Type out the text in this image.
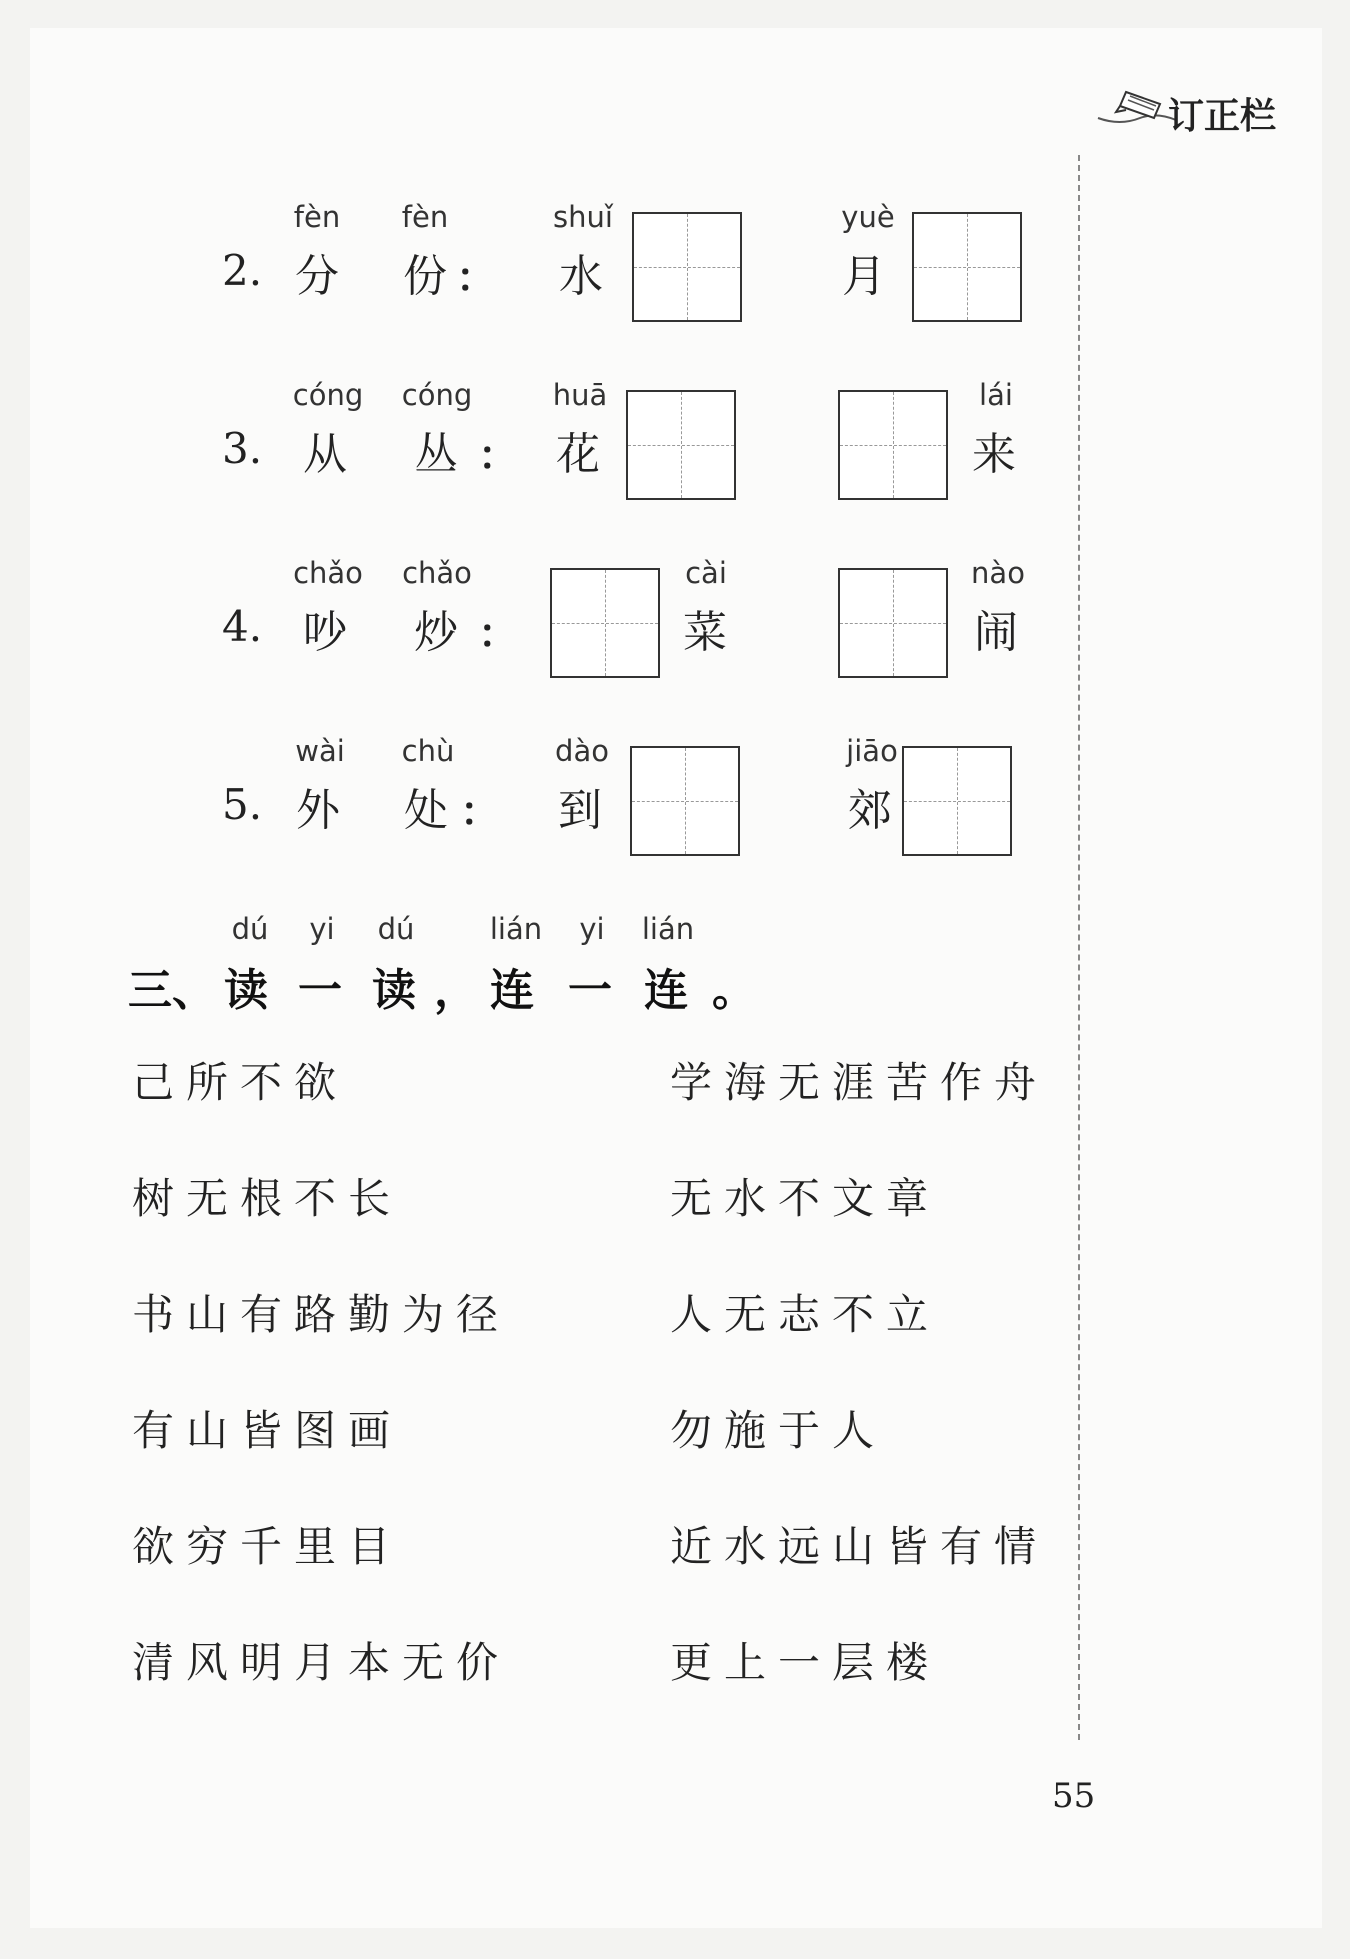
订正栏
2.
fèn
分
fèn
份 ：
shuǐ
水
yuè
月
3.
cóng
从
cóng
丛 ：
huā
花
lái
来
4.
chǎo
吵
chǎo
炒 ：
cài
菜
nào
闹
5.
wài
外
chù
处 ：
dào
到
jiāo
郊
三、
dú
读
yi
一
dú
读 ，
lián
连
yi
一
lián
连 。
己所不欲
树无根不长
书山有路勤为径
有山皆图画
欲穷千里目
清风明月本无价
学海无涯苦作舟
无水不文章
人无志不立
勿施于人
近水远山皆有情
更上一层楼
55
